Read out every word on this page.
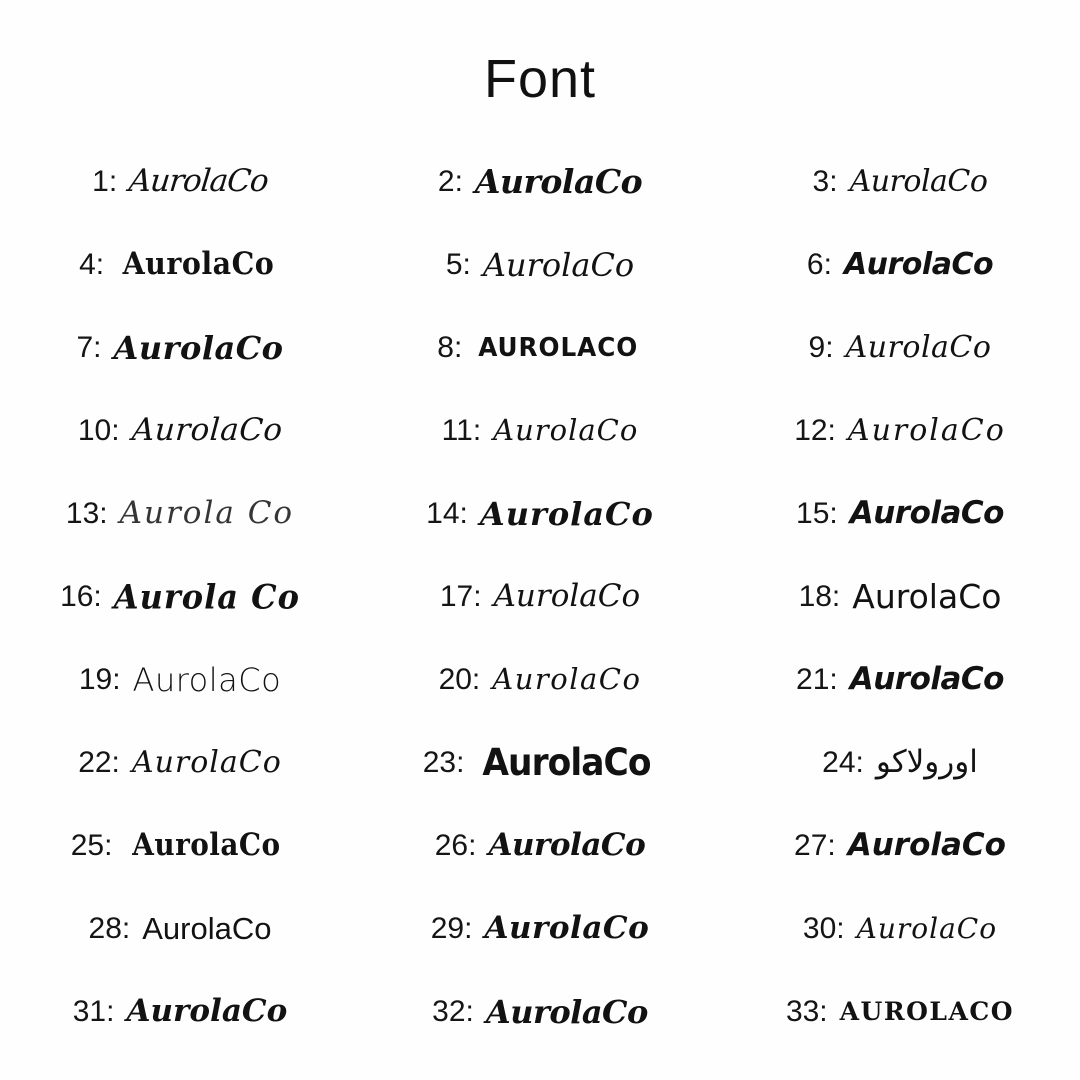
Font
1: AurolaCo	2: AurolaCo	3: AurolaCo
4: AurolaCo	5: AurolaCo	6: AurolaCo
7: AurolaCo	8: AUROLACO	9: AurolaCo
10: AurolaCo	11: AurolaCo	12: AurolaCo
13: Aurola Co	14: AurolaCo	15: AurolaCo
16: Aurola Co	17: AurolaCo	18: AurolaCo
19: AurolaCo	20: AurolaCo	21: AurolaCo
22: AurolaCo	23: AurolaCo	24: اورولاكو
25: AurolaCo	26: AurolaCo	27: AurolaCo
28: AurolaCo	29: AurolaCo	30: AurolaCo
31: AurolaCo	32: AurolaCo	33: AUROLACO
